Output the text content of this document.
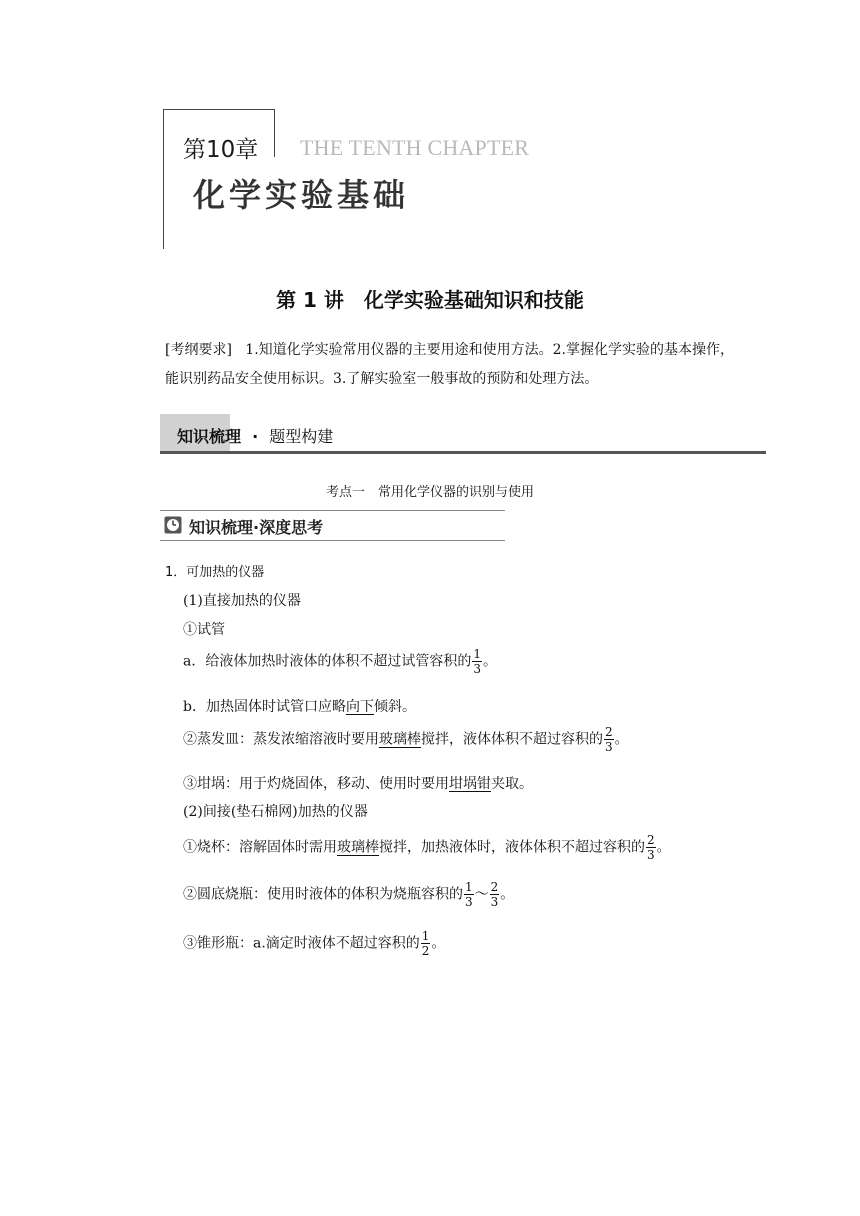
第10章 THE TENTH CHAPTER
化学实验基础
第 1 讲　化学实验基础知识和技能
[考纲要求] 1.知道化学实验常用仪器的主要用途和使用方法。2.掌握化学实验的基本操作，能识别药品安全使用标识。3.了解实验室一般事故的预防和处理方法。
知识梳理 · 题型构建
考点一　常用化学仪器的识别与使用
知识梳理·深度思考
1．可加热的仪器
(1)直接加热的仪器
①试管
a．给液体加热时液体的体积不超过试管容积的 $\frac{1}{3}$ 。
b．加热固体时试管口应略向下倾斜。
②蒸发皿：蒸发浓缩溶液时要用玻璃棒搅拌，液体体积不超过容积的 $\frac{2}{3}$ 。
③坩埚：用于灼烧固体，移动、使用时要用坩埚钳夹取。
(2)间接(垫石棉网)加热的仪器
①烧杯：溶解固体时需用玻璃棒搅拌，加热液体时，液体体积不超过容积的 $\frac{2}{3}$ 。
②圆底烧瓶：使用时液体的体积为烧瓶容积的 $\frac{1}{3}$ ～ $\frac{2}{3}$ 。
③锥形瓶：a.滴定时液体不超过容积的 $\frac{1}{2}$ 。
